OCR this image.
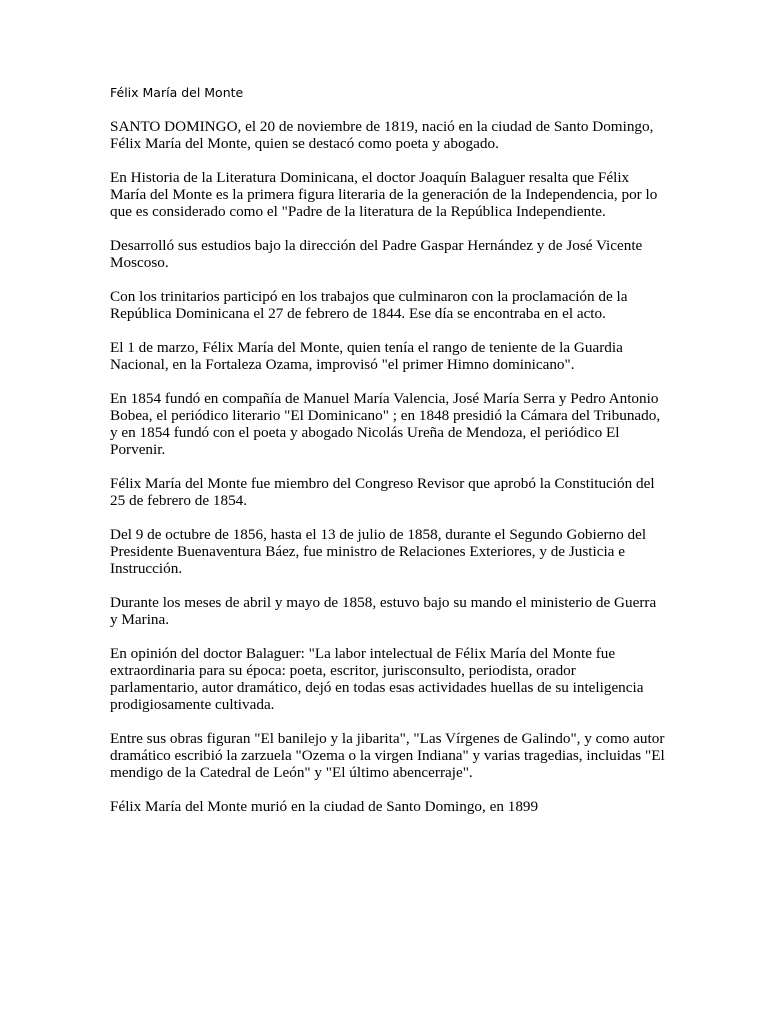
Félix María del Monte

SANTO DOMINGO, el 20 de noviembre de 1819, nació en la ciudad de Santo Domingo, Félix María del Monte, quien se destacó como poeta y abogado.

En Historia de la Literatura Dominicana, el doctor Joaquín Balaguer resalta que Félix María del Monte es la primera figura literaria de la generación de la Independencia, por lo que es considerado como el "Padre de la literatura de la República Independiente.

Desarrolló sus estudios bajo la dirección del Padre Gaspar Hernández y de José Vicente Moscoso.

Con los trinitarios participó en los trabajos que culminaron con la proclamación de la República Dominicana el 27 de febrero de 1844. Ese día se encontraba en el acto.

El 1 de marzo, Félix María del Monte, quien tenía el rango de teniente de la Guardia Nacional, en la Fortaleza Ozama, improvisó "el primer Himno dominicano".

En 1854 fundó en compañía de Manuel María Valencia, José María Serra y Pedro Antonio Bobea, el periódico literario "El Dominicano" ; en 1848 presidió la Cámara del Tribunado, y en 1854 fundó con el poeta y abogado Nicolás Ureña de Mendoza, el periódico El Porvenir.

Félix María del Monte fue miembro del Congreso Revisor que aprobó la Constitución del 25 de febrero de 1854.

Del 9 de octubre de 1856, hasta el 13 de julio de 1858, durante el Segundo Gobierno del Presidente Buenaventura Báez, fue ministro de Relaciones Exteriores, y de Justicia e Instrucción.

Durante los meses de abril y mayo de 1858, estuvo bajo su mando el ministerio de Guerra y Marina.

En opinión del doctor Balaguer: "La labor intelectual de Félix María del Monte fue extraordinaria para su época: poeta, escritor, jurisconsulto, periodista, orador parlamentario, autor dramático, dejó en todas esas actividades huellas de su inteligencia prodigiosamente cultivada.

Entre sus obras figuran "El banilejo y la jibarita", "Las Vírgenes de Galindo", y como autor dramático escribió la zarzuela "Ozema o la virgen Indiana" y varias tragedias, incluidas "El mendigo de la Catedral de León" y "El último abencerraje".

Félix María del Monte murió en la ciudad de Santo Domingo, en 1899
